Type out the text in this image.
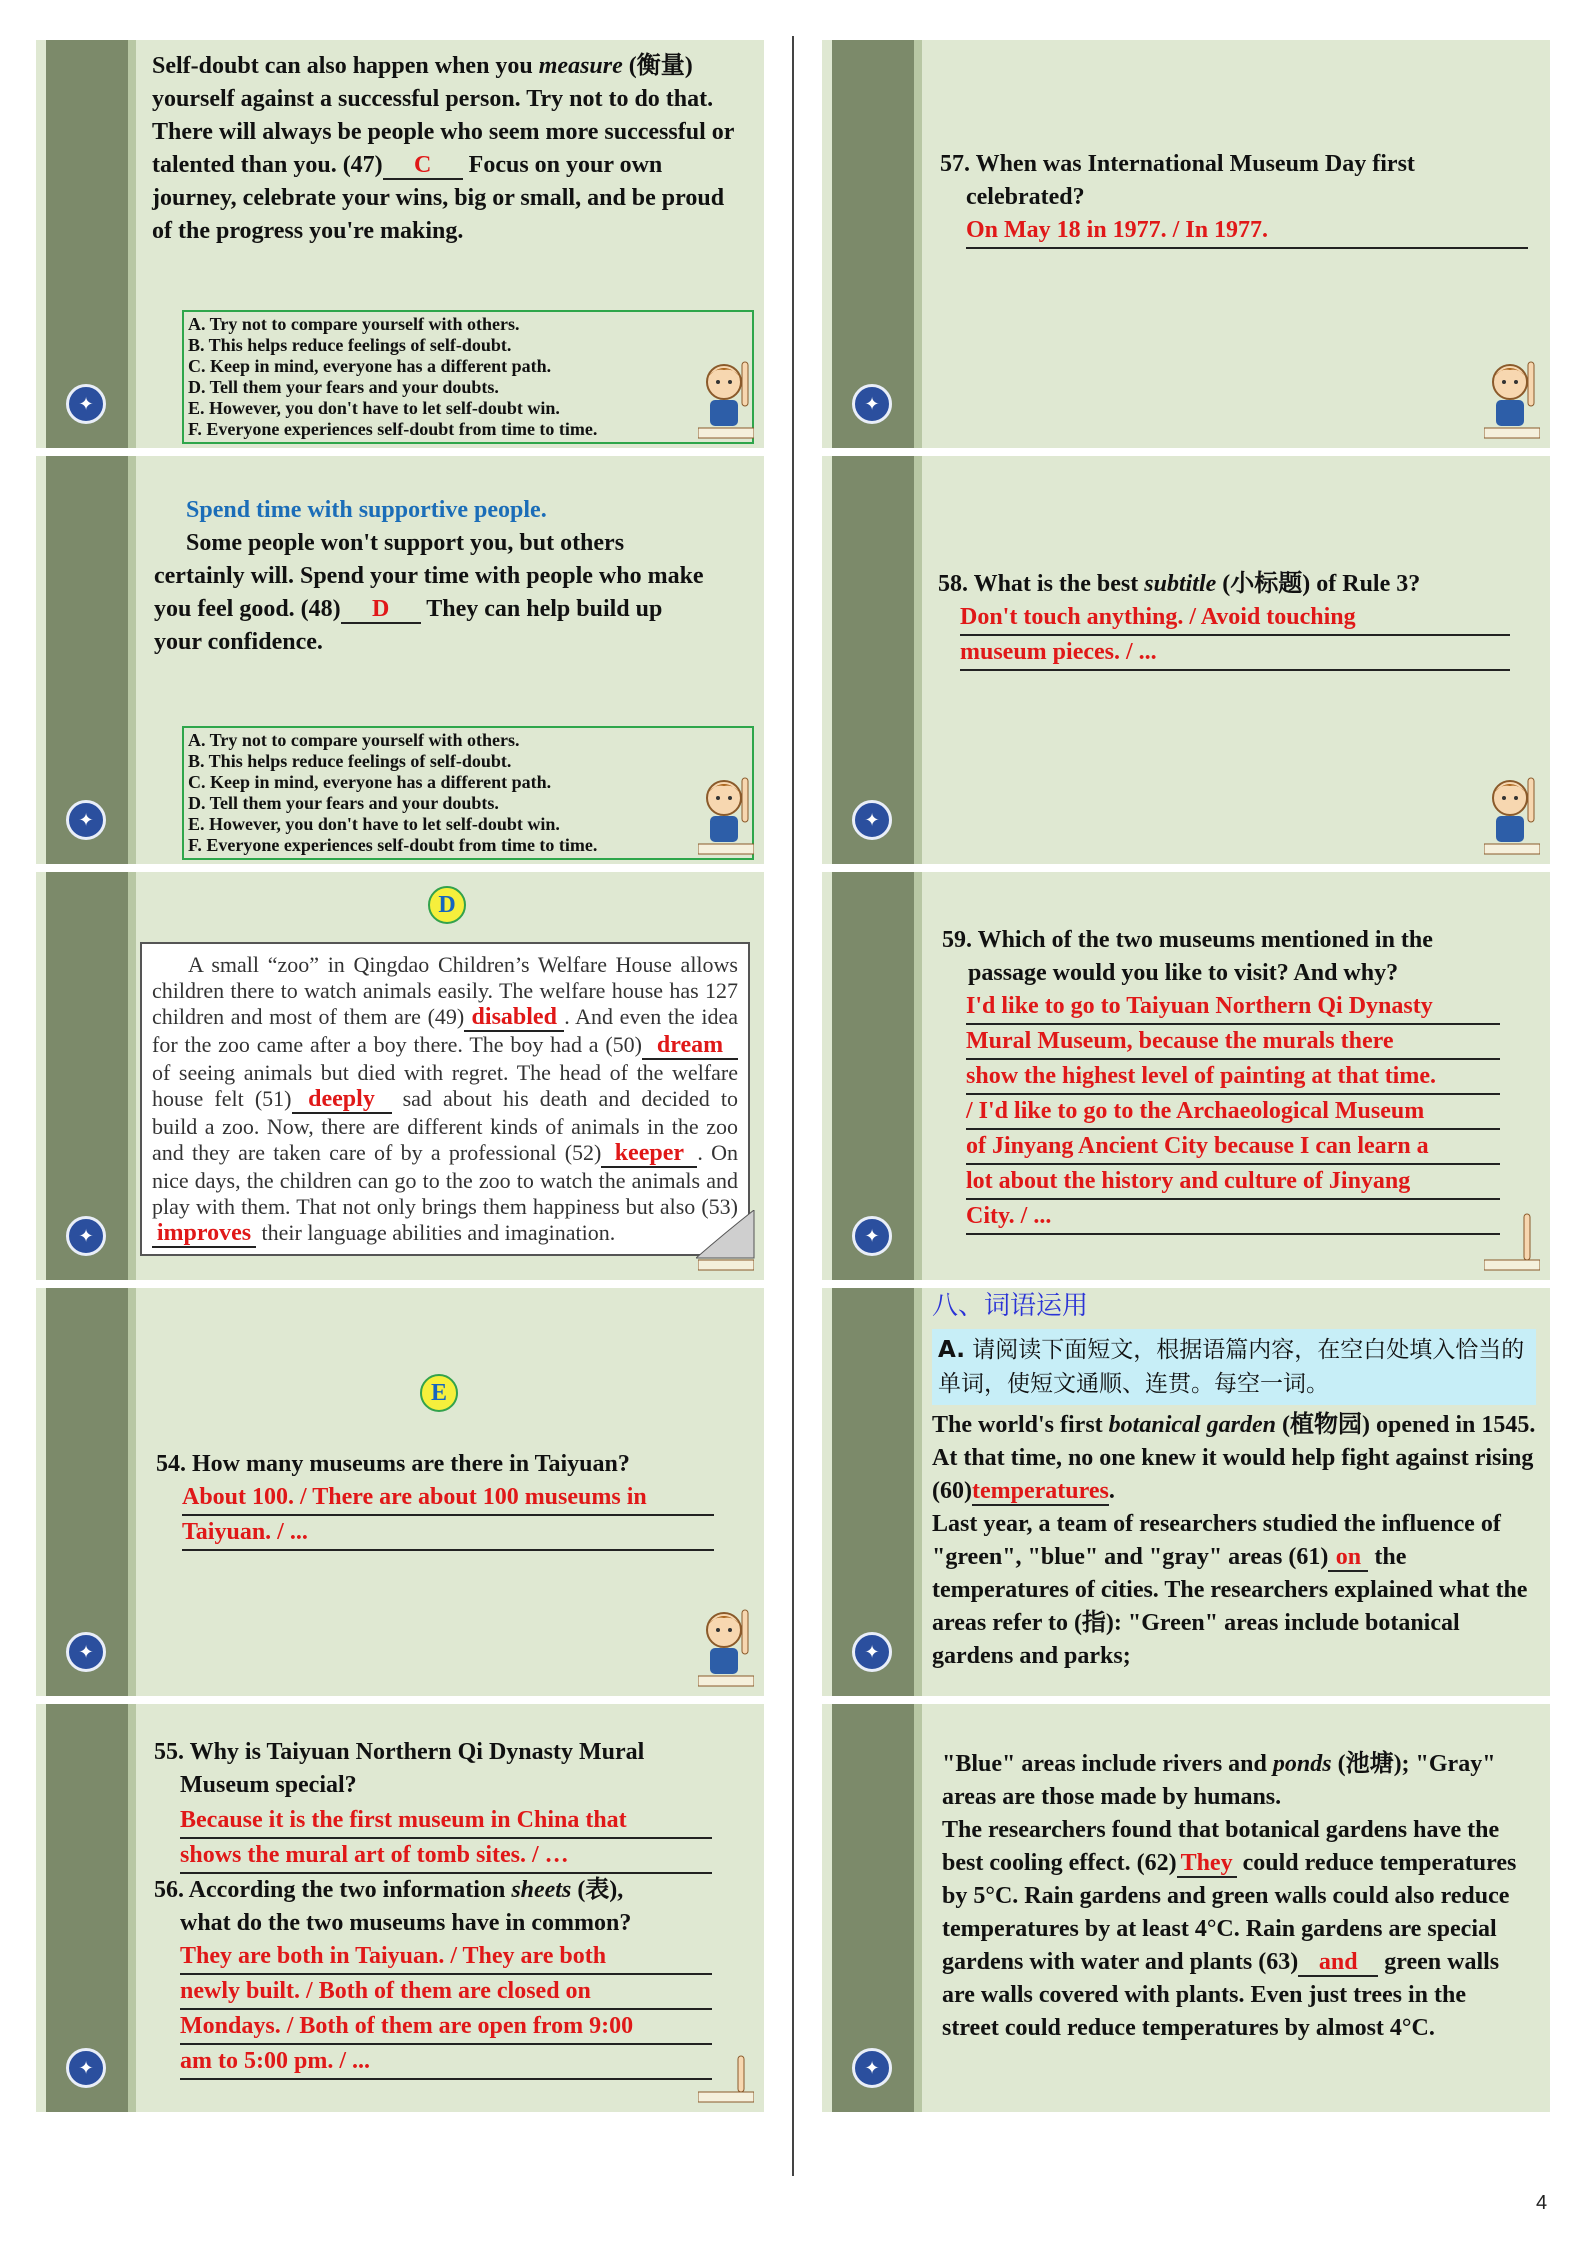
✦
Self-doubt can also happen when you measure (衡量) yourself against a successful person. Try not to do that. There will always be people who seem more successful or talented than you. (47) C Focus on your own journey, celebrate your wins, big or small, and be proud of the progress you're making.
A. Try not to compare yourself with others.
B. This helps reduce feelings of self-doubt.
C. Keep in mind, everyone has a different path.
D. Tell them your fears and your doubts.
E. However, you don't have to let self-doubt win.
F. Everyone experiences self-doubt from time to time.
✦
Spend time with supportive people.
Some people won't support you, but others certainly will. Spend your time with people who make you feel good. (48) D They can help build up your confidence.
A. Try not to compare yourself with others.
B. This helps reduce feelings of self-doubt.
C. Keep in mind, everyone has a different path.
D. Tell them your fears and your doubts.
E. However, you don't have to let self-doubt win.
F. Everyone experiences self-doubt from time to time.
✦
D
A small “zoo” in Qingdao Children’s Welfare House allows children there to watch animals easily. The welfare house has 127 children and most of them are (49) disabled . And even the idea for the zoo came after a boy there. The boy had a (50) dream of seeing animals but died with regret. The head of the welfare house felt (51) deeply sad about his death and decided to build a zoo. Now, there are different kinds of animals in the zoo and they are taken care of by a professional (52) keeper . On nice days, the children can go to the zoo to watch the animals and play with them. That not only brings them happiness but also (53)improves their language abilities and imagination.
✦
E
54. How many museums are there in Taiyuan?
About 100. / There are about 100 museums in
Taiyuan. / ...
✦
55. Why is Taiyuan Northern Qi Dynasty Mural
Museum special?
Because it is the first museum in China that
shows the mural art of tomb sites. / …
56. According the two information sheets (表),
what do the two museums have in common?
They are both in Taiyuan. / They are both
newly built. / Both of them are closed on
Mondays. / Both of them are open from 9:00
am to 5:00 pm. / ...
✦
57. When was International Museum Day first
celebrated?
On May 18 in 1977. / In 1977.
✦
58. What is the best subtitle (小标题) of Rule 3?
Don't touch anything. / Avoid touching
museum pieces. / ...
✦
59. Which of the two museums mentioned in the
passage would you like to visit? And why?
I'd like to go to Taiyuan Northern Qi Dynasty
Mural Museum, because the murals there
show the highest level of painting at that time.
/ I'd like to go to the Archaeological Museum
of Jinyang Ancient City because I can learn a
lot about the history and culture of Jinyang
City. / ...
✦
八、词语运用
A. 请阅读下面短文，根据语篇内容，在空白处填入恰当的单词，使短文通顺、连贯。每空一词。
The world's first botanical garden (植物园) opened in 1545. At that time, no one knew it would help fight against rising (60)temperatures.
Last year, a team of researchers studied the influence of "green", "blue" and "gray" areas (61) on the temperatures of cities. The researchers explained what the areas refer to (指): "Green" areas include botanical gardens and parks;
✦
"Blue" areas include rivers and ponds (池塘); "Gray" areas are those made by humans.
The researchers found that botanical gardens have the best cooling effect. (62) They could reduce temperatures by 5°C. Rain gardens and green walls could also reduce temperatures by at least 4°C. Rain gardens are special gardens with water and plants (63) and green walls are walls covered with plants. Even just trees in the street could reduce temperatures by almost 4°C.
4
